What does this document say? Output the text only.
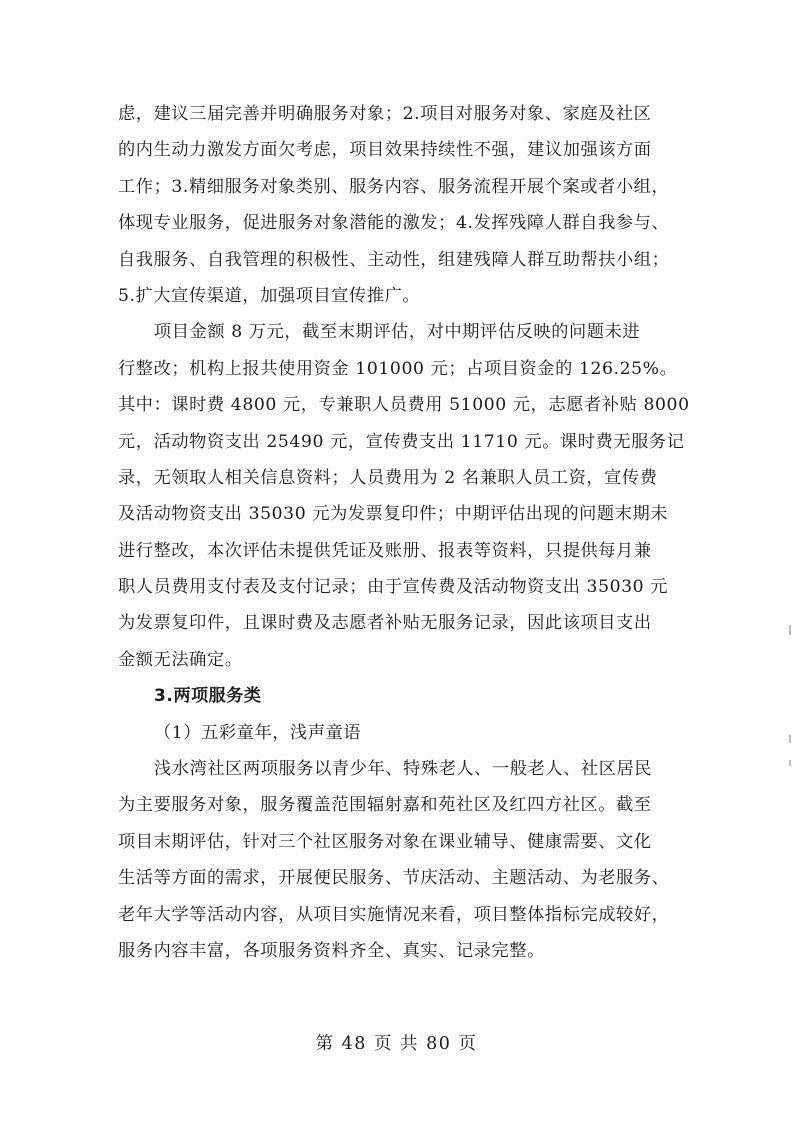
虑，建议三届完善并明确服务对象；2.项目对服务对象、家庭及社区
的内生动力激发方面欠考虑，项目效果持续性不强，建议加强该方面
工作；3.精细服务对象类别、服务内容、服务流程开展个案或者小组，
体现专业服务，促进服务对象潜能的激发；4.发挥残障人群自我参与、
自我服务、自我管理的积极性、主动性，组建残障人群互助帮扶小组；
5.扩大宣传渠道，加强项目宣传推广。
项目金额 8 万元，截至末期评估，对中期评估反映的问题未进
行整改；机构上报共使用资金 101000 元；占项目资金的 126.25%。
其中：课时费 4800 元，专兼职人员费用 51000 元，志愿者补贴 8000
元，活动物资支出 25490 元，宣传费支出 11710 元。课时费无服务记
录，无领取人相关信息资料；人员费用为 2 名兼职人员工资，宣传费
及活动物资支出 35030 元为发票复印件；中期评估出现的问题末期未
进行整改，本次评估未提供凭证及账册、报表等资料，只提供每月兼
职人员费用支付表及支付记录；由于宣传费及活动物资支出 35030 元
为发票复印件，且课时费及志愿者补贴无服务记录，因此该项目支出
金额无法确定。
3.两项服务类
（1）五彩童年，浅声童语
浅水湾社区两项服务以青少年、特殊老人、一般老人、社区居民
为主要服务对象，服务覆盖范围辐射嘉和苑社区及红四方社区。截至
项目末期评估，针对三个社区服务对象在课业辅导、健康需要、文化
生活等方面的需求，开展便民服务、节庆活动、主题活动、为老服务、
老年大学等活动内容，从项目实施情况来看，项目整体指标完成较好，
服务内容丰富，各项服务资料齐全、真实、记录完整。
第 48 页 共 80 页
